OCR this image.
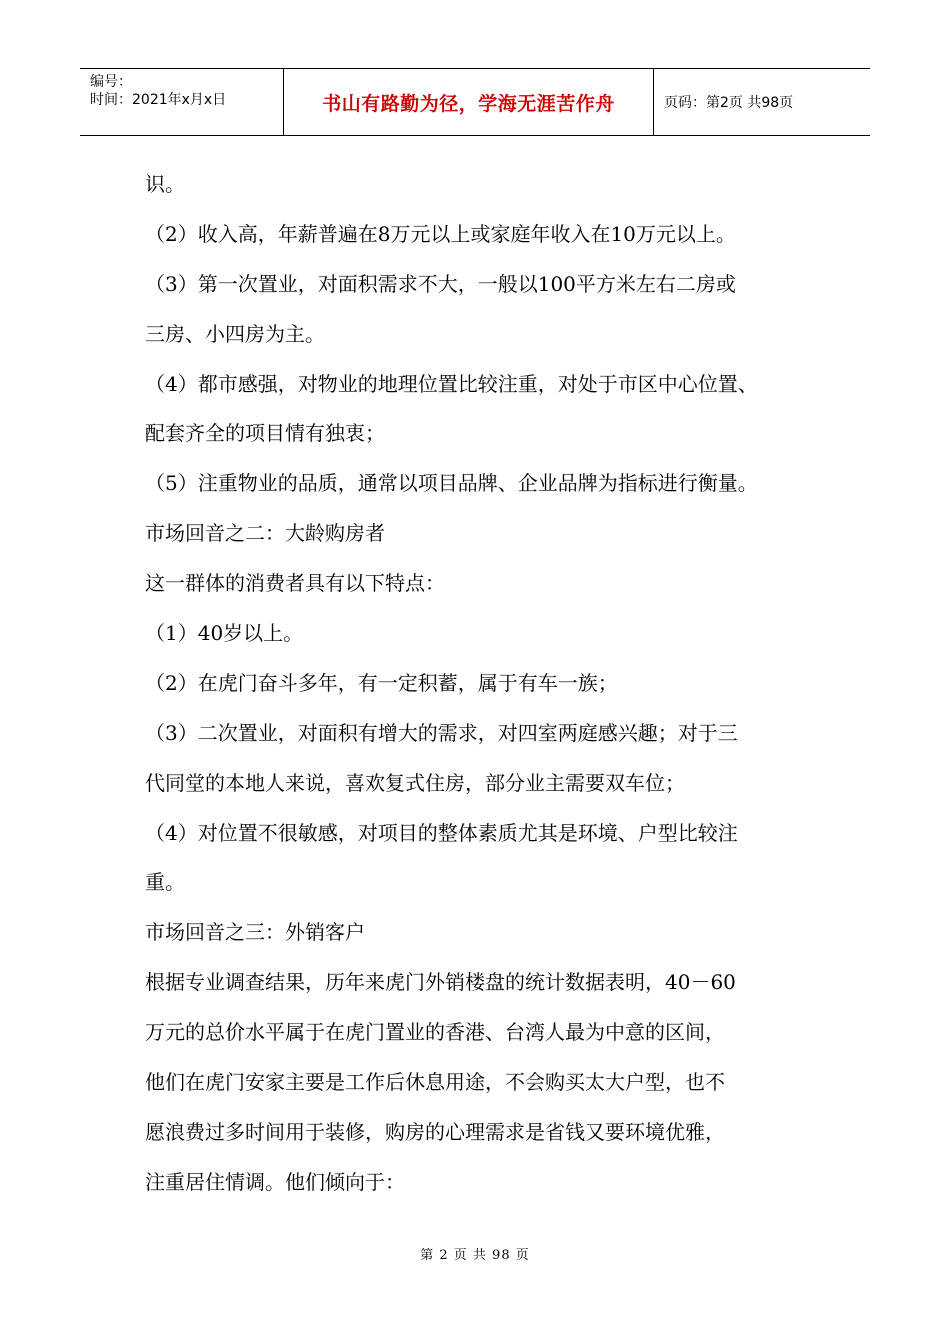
编号：
时间：2021年x月x日	书山有路勤为径，学海无涯苦作舟	页码：第2页 共98页
识。
（2）收入高，年薪普遍在8万元以上或家庭年收入在10万元以上。
（3）第一次置业，对面积需求不大，一般以100平方米左右二房或
三房、小四房为主。
（4）都市感强，对物业的地理位置比较注重，对处于市区中心位置、
配套齐全的项目情有独衷；
（5）注重物业的品质，通常以项目品牌、企业品牌为指标进行衡量。
市场回音之二：大龄购房者
这一群体的消费者具有以下特点：
（1）40岁以上。
（2）在虎门奋斗多年，有一定积蓄，属于有车一族；
（3）二次置业，对面积有增大的需求，对四室两庭感兴趣；对于三
代同堂的本地人来说，喜欢复式住房，部分业主需要双车位；
（4）对位置不很敏感，对项目的整体素质尤其是环境、户型比较注
重。
市场回音之三：外销客户
根据专业调查结果，历年来虎门外销楼盘的统计数据表明，40－60
万元的总价水平属于在虎门置业的香港、台湾人最为中意的区间，
他们在虎门安家主要是工作后休息用途，不会购买太大户型，也不
愿浪费过多时间用于装修，购房的心理需求是省钱又要环境优雅，
注重居住情调。他们倾向于：
第 2 页 共 98 页
